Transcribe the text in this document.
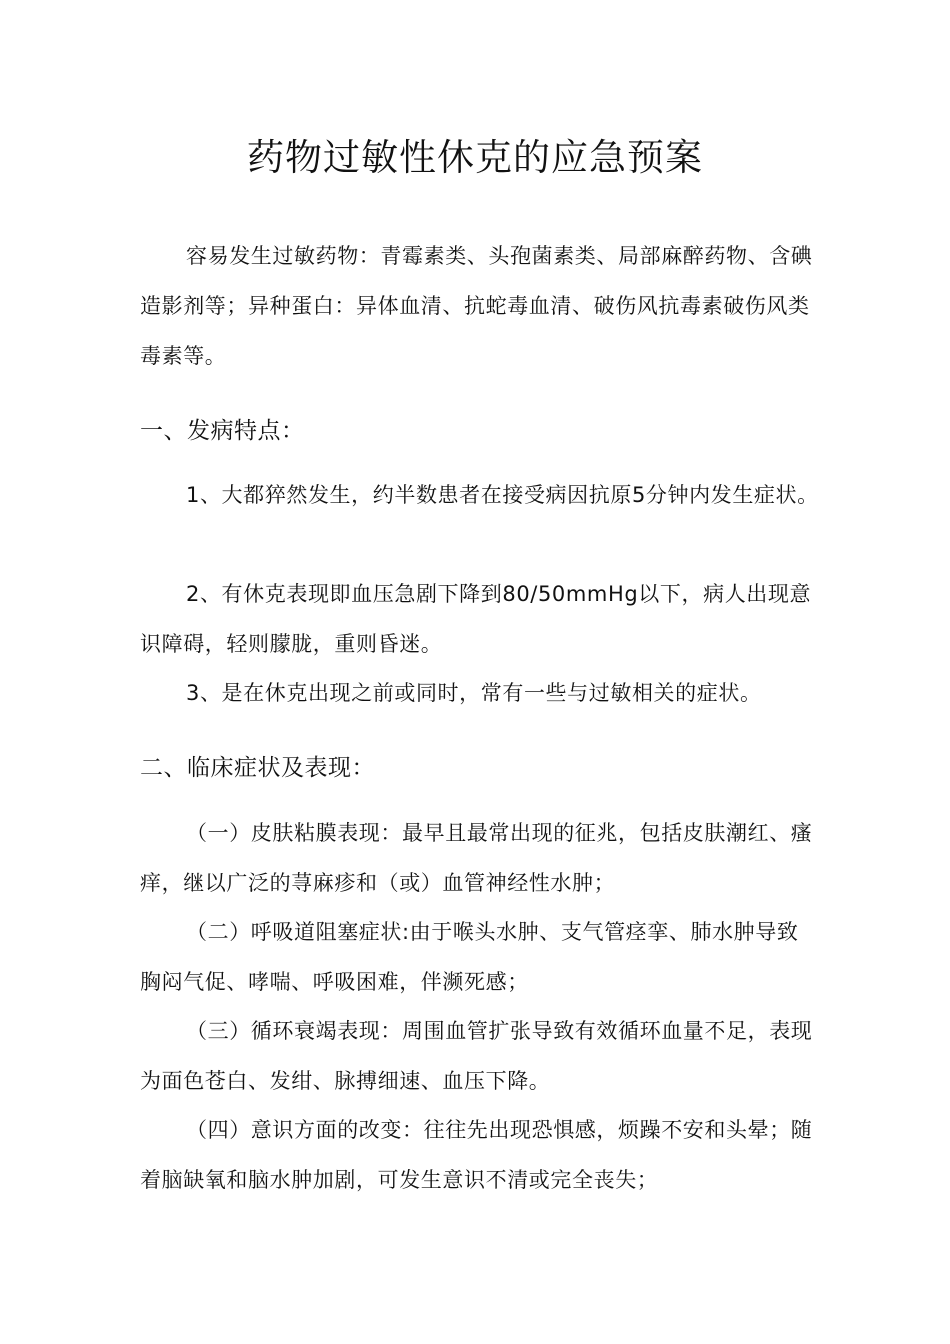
药物过敏性休克的应急预案

容易发生过敏药物：青霉素类、头孢菌素类、局部麻醉药物、含碘造影剂等；异种蛋白：异体血清、抗蛇毒血清、破伤风抗毒素破伤风类毒素等。

一、发病特点：

1、大都猝然发生，约半数患者在接受病因抗原5分钟内发生症状。

2、有休克表现即血压急剧下降到80/50mmHg以下，病人出现意识障碍，轻则朦胧，重则昏迷。

3、是在休克出现之前或同时，常有一些与过敏相关的症状。

二、临床症状及表现：

（一）皮肤粘膜表现：最早且最常出现的征兆，包括皮肤潮红、瘙痒，继以广泛的荨麻疹和（或）血管神经性水肿；

（二）呼吸道阻塞症状:由于喉头水肿、支气管痉挛、肺水肿导致胸闷气促、哮喘、呼吸困难，伴濒死感；

（三）循环衰竭表现：周围血管扩张导致有效循环血量不足，表现为面色苍白、发绀、脉搏细速、血压下降。

（四）意识方面的改变：往往先出现恐惧感，烦躁不安和头晕；随着脑缺氧和脑水肿加剧，可发生意识不清或完全丧失；
